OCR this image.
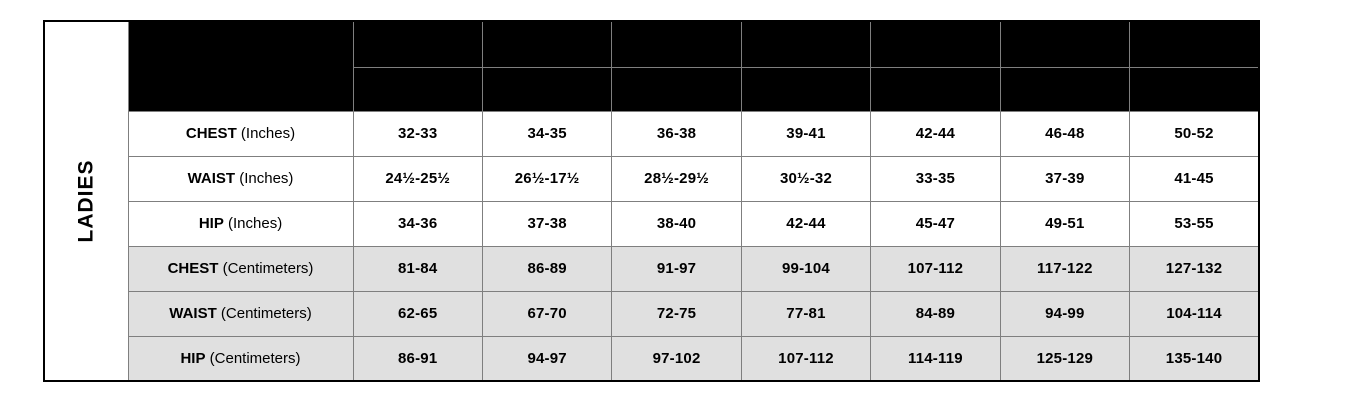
LADIES	SIZE	XS	S	M	L	XL	2XL	3XL
		0-2	4-6	8-10	12-14	16-18	20-22	24-26
	CHEST (Inches)	32-33	34-35	36-38	39-41	42-44	46-48	50-52
	WAIST (Inches)	24½-25½	26½-17½	28½-29½	30½-32	33-35	37-39	41-45
	HIP (Inches)	34-36	37-38	38-40	42-44	45-47	49-51	53-55
	CHEST (Centimeters)	81-84	86-89	91-97	99-104	107-112	117-122	127-132
	WAIST (Centimeters)	62-65	67-70	72-75	77-81	84-89	94-99	104-114
	HIP (Centimeters)	86-91	94-97	97-102	107-112	114-119	125-129	135-140
